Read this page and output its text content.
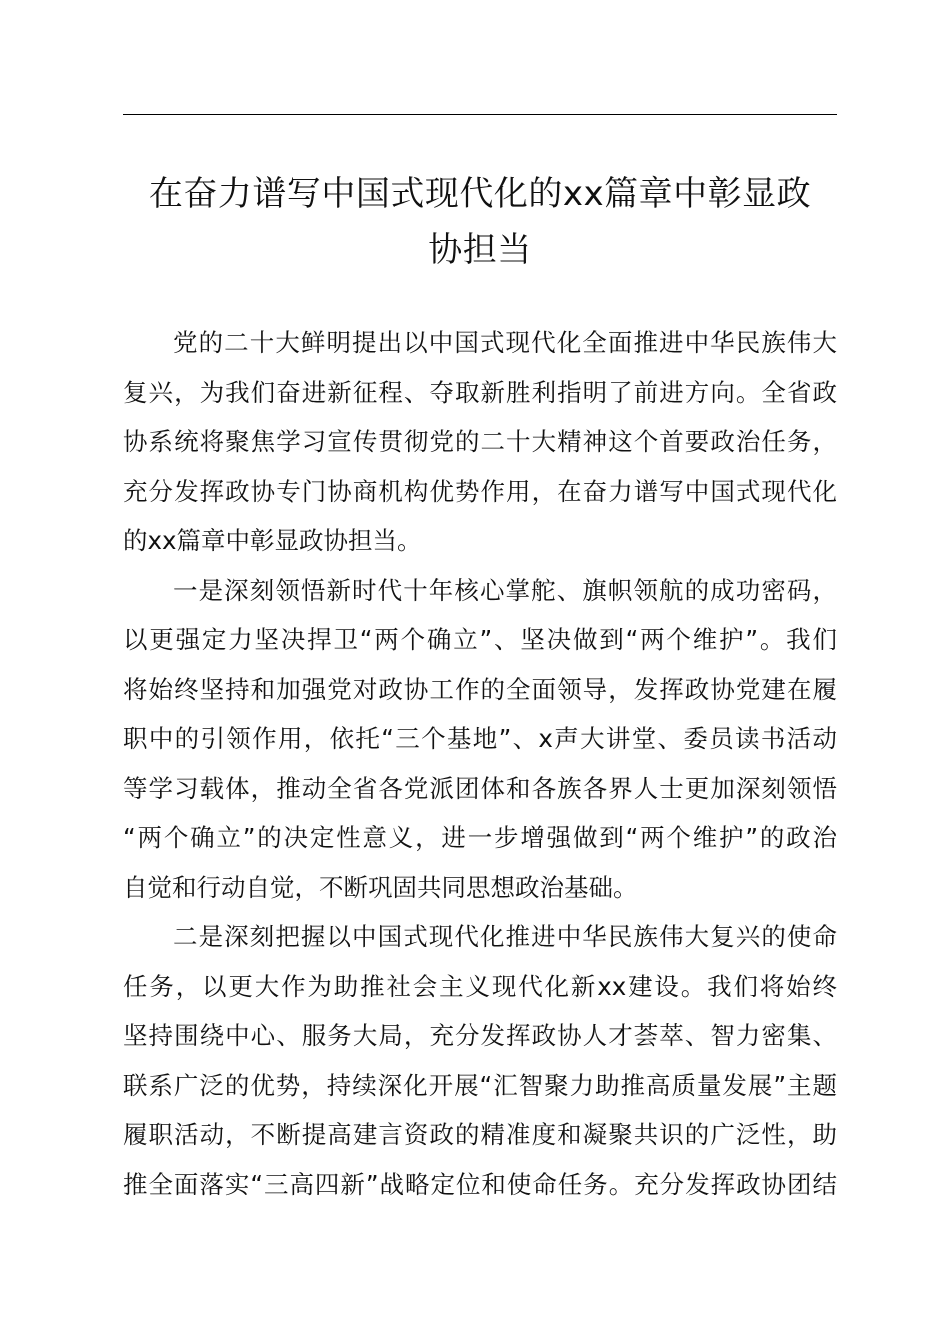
在奋力谱写中国式现代化的xx篇章中彰显政
协担当
党的二十大鲜明提出以中国式现代化全面推进中华民族伟大
复兴，为我们奋进新征程、夺取新胜利指明了前进方向。全省政
协系统将聚焦学习宣传贯彻党的二十大精神这个首要政治任务，
充分发挥政协专门协商机构优势作用，在奋力谱写中国式现代化
的xx篇章中彰显政协担当。
一是深刻领悟新时代十年核心掌舵、旗帜领航的成功密码，
以更强定力坚决捍卫“两个确立”、坚决做到“两个维护”。我们
将始终坚持和加强党对政协工作的全面领导，发挥政协党建在履
职中的引领作用，依托“三个基地”、x声大讲堂、委员读书活动
等学习载体，推动全省各党派团体和各族各界人士更加深刻领悟
“两个确立”的决定性意义，进一步增强做到“两个维护”的政治
自觉和行动自觉，不断巩固共同思想政治基础。
二是深刻把握以中国式现代化推进中华民族伟大复兴的使命
任务，以更大作为助推社会主义现代化新xx建设。我们将始终
坚持围绕中心、服务大局，充分发挥政协人才荟萃、智力密集、
联系广泛的优势，持续深化开展“汇智聚力助推高质量发展”主题
履职活动，不断提高建言资政的精准度和凝聚共识的广泛性，助
推全面落实“三高四新”战略定位和使命任务。充分发挥政协团结
